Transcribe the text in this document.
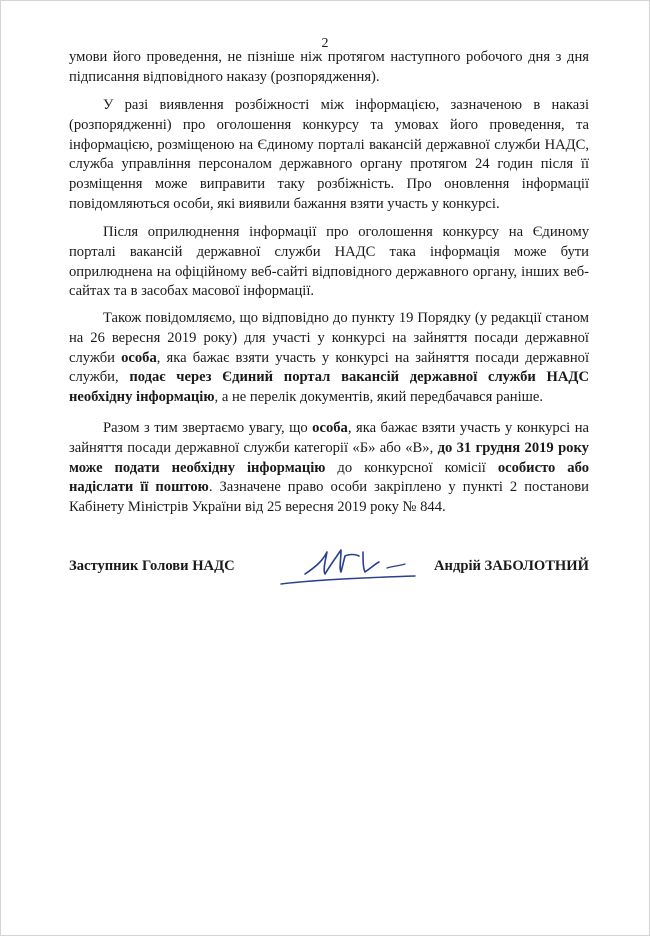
2

умови його проведення, не пізніше ніж протягом наступного робочого дня з дня підписання відповідного наказу (розпорядження).

У разі виявлення розбіжності між інформацією, зазначеною в наказі (розпорядженні) про оголошення конкурсу та умовах його проведення, та інформацією, розміщеною на Єдиному порталі вакансій державної служби НАДС, служба управління персоналом державного органу протягом 24 годин після її розміщення може виправити таку розбіжність. Про оновлення інформації повідомляються особи, які виявили бажання взяти участь у конкурсі.

Після оприлюднення інформації про оголошення конкурсу на Єдиному порталі вакансій державної служби НАДС така інформація може бути оприлюднена на офіційному веб-сайті відповідного державного органу, інших веб-сайтах та в засобах масової інформації.

Також повідомляємо, що відповідно до пункту 19 Порядку (у редакції станом на 26 вересня 2019 року) для участі у конкурсі на зайняття посади державної служби особа, яка бажає взяти участь у конкурсі на зайняття посади державної служби, подає через Єдиний портал вакансій державної служби НАДС необхідну інформацію, а не перелік документів, який передбачався раніше.

Разом з тим звертаємо увагу, що особа, яка бажає взяти участь у конкурсі на зайняття посади державної служби категорії «Б» або «В», до 31 грудня 2019 року може подати необхідну інформацію до конкурсної комісії особисто або надіслати її поштою. Зазначене право особи закріплено у пункті 2 постанови Кабінету Міністрів України від 25 вересня 2019 року № 844.

Заступник Голови НАДС	Андрій ЗАБОЛОТНИЙ
